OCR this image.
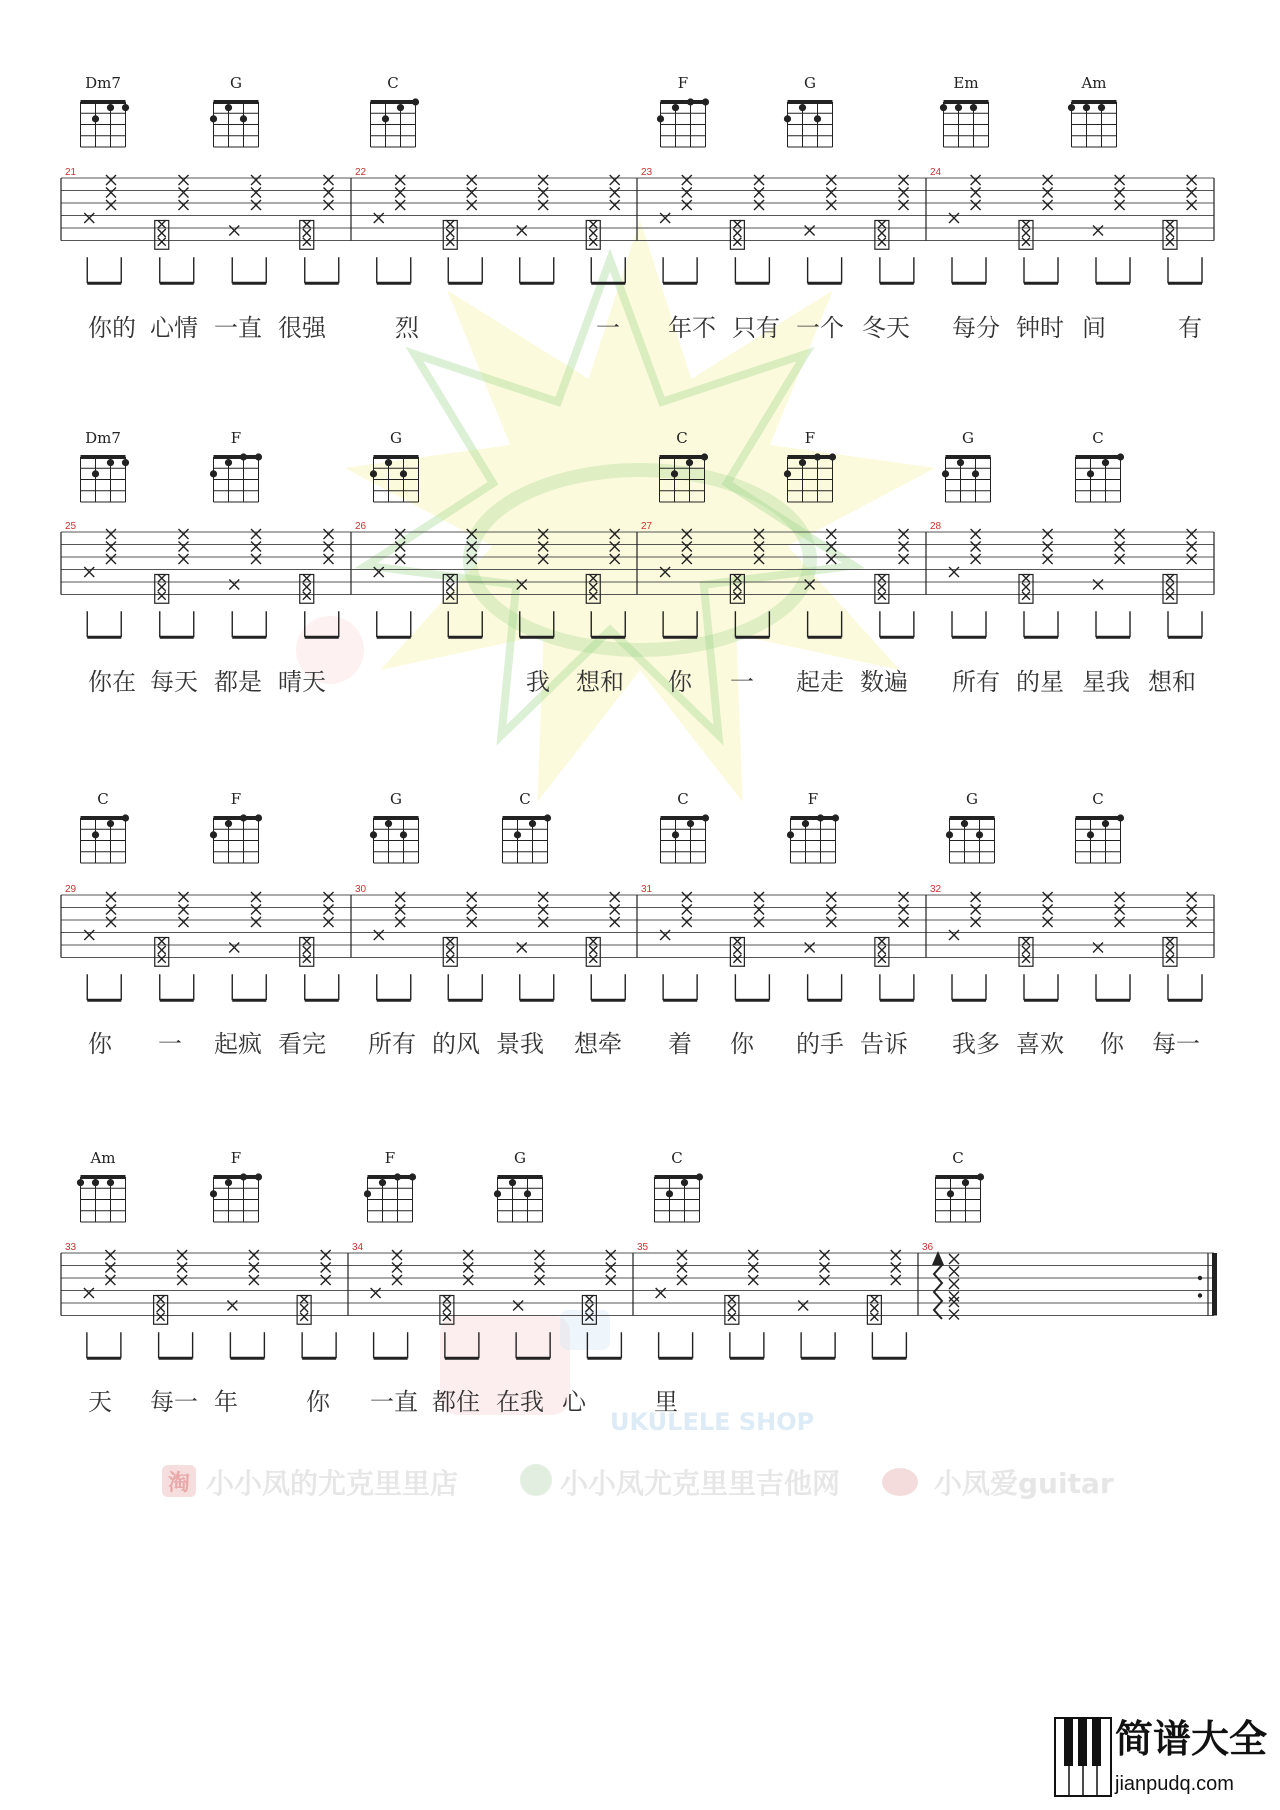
Dm7	G	C	F	G	Em	Am
21	22	23	24
你的 心情 一直 很强	烈	一 年不 只有 一个 冬天 每分 钟时 间	有
Dm7	F	G	C	F	G	C
25	26	27	28
你在 每天 都是 晴天	我 想和 你 一 起走 数遍 所有 的星 星我 想和
C	F	G	C	C	F	G	C
29	30	31	32
你 一 起疯 看完 所有 的风 景我 想牵 着 你 的手 告诉 我多 喜欢 你 每一
Am	F	F	G	C	C
33	34	35	36
天 每一 年	你 一直 都住 在我 心	里
淘 小小凤的尤克里里店	小小凤尤克里里吉他网	小凤爱guitar
UKULELE SHOP
简谱大全
jianpudq.com
